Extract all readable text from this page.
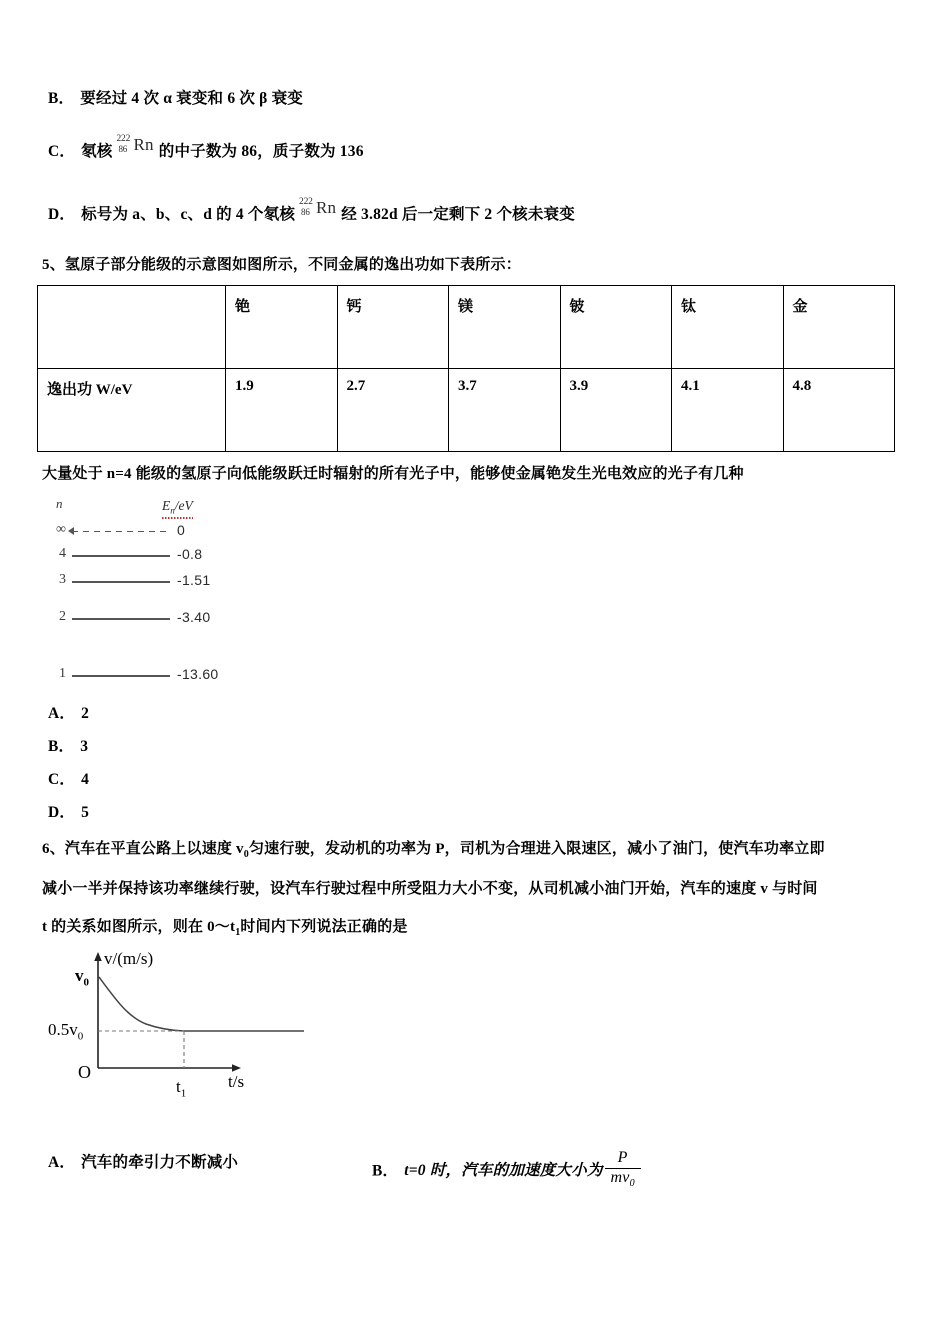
B． 要经过 4 次 α 衰变和 6 次 β 衰变
C． 氡核
222
86 Rn 的中子数为 86，质子数为 136
D． 标号为 a、b、c、d 的 4 个氡核
222
86 Rn 经 3.82d 后一定剩下 2 个核未衰变
5、氢原子部分能级的示意图如图所示，不同金属的逸出功如下表所示：
	铯	钙	镁	铍	钛	金
逸出功 W/eV	1.9	2.7	3.7	3.9	4.1	4.8
大量处于 n=4 能级的氢原子向低能级跃迁时辐射的所有光子中，能够使金属铯发生光电效应的光子有几种
n	$E_n/eV$
∞	0
4	-0.8
3	-1.51
2	-3.40
1	-13.60
A． 2
B． 3
C． 4
D． 5
6、汽车在平直公路上以速度 $v_0$匀速行驶，发动机的功率为 P，司机为合理进入限速区，减小了油门，使汽车功率立即
减小一半并保持该功率继续行驶，设汽车行驶过程中所受阻力大小不变，从司机减小油门开始，汽车的速度 v 与时间
t 的关系如图所示，则在 $0\sim t_1$时间内下列说法正确的是
v/(m/s)
$v_0$
$0.5v_0$
O
$t_1$
t/s
A． 汽车的牵引力不断减小	B． t=0 时，汽车的加速度大小为 $\frac{P}{mv_0}$
